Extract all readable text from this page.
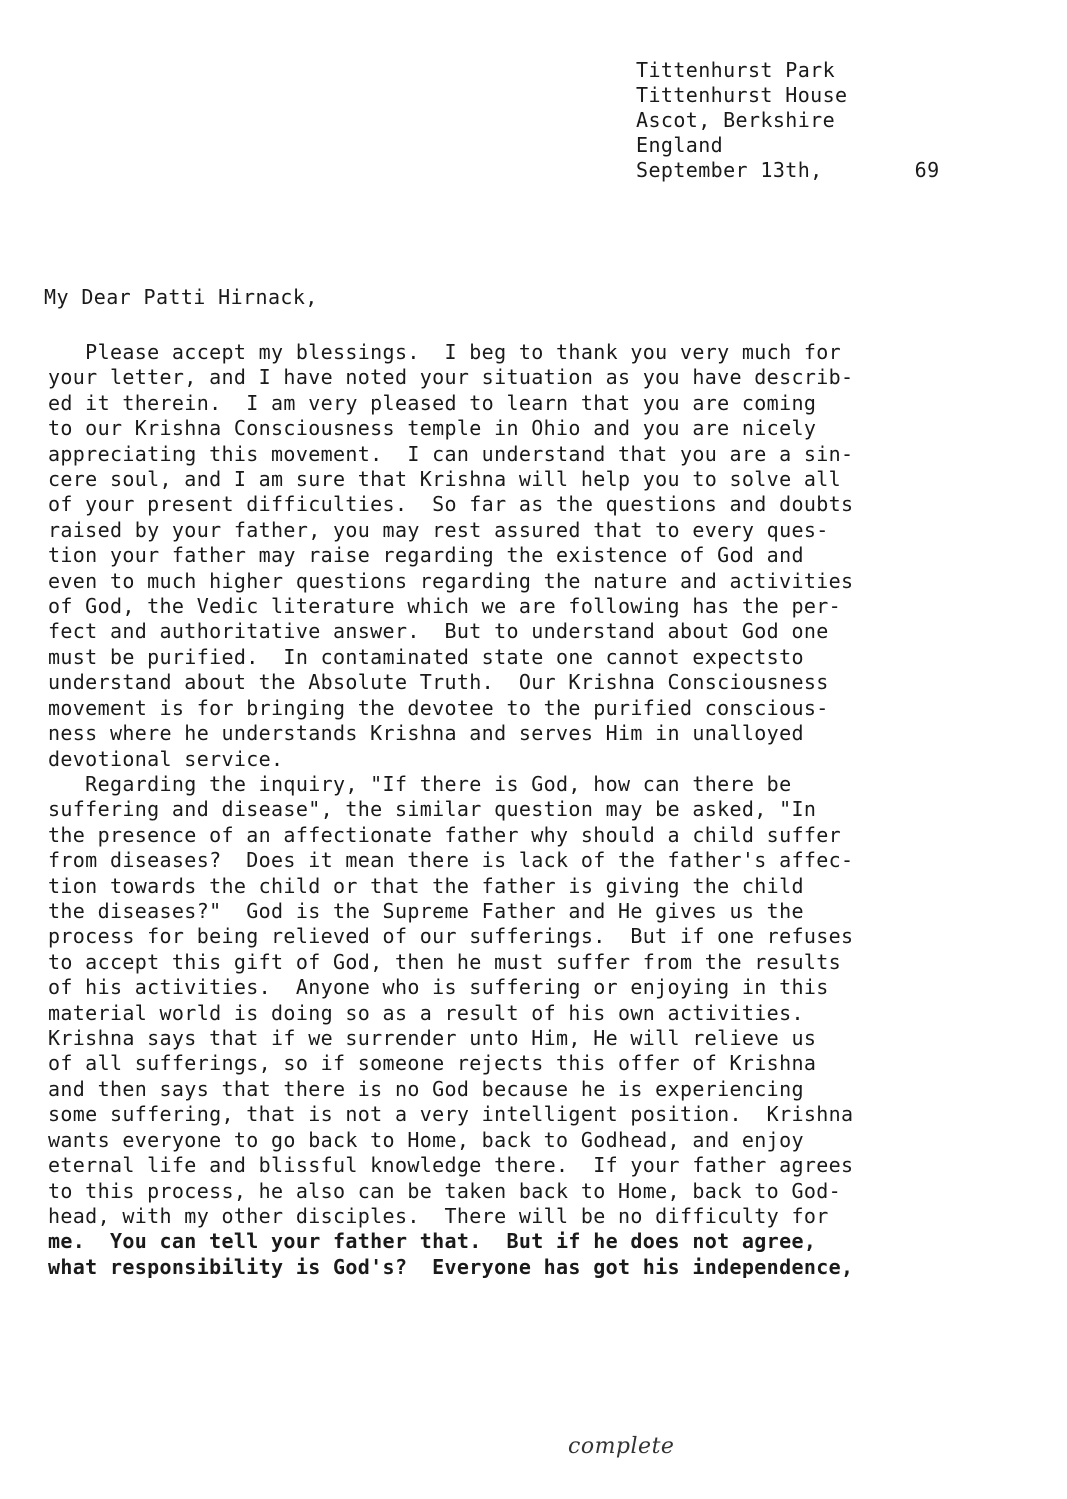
Tittenhurst Park
Tittenhurst House
Ascot, Berkshire
England
September 13th,	69
My Dear Patti Hirnack,
Please accept my blessings.  I beg to thank you very much for
your letter, and I have noted your situation as you have describ-
ed it therein.  I am very pleased to learn that you are coming
to our Krishna Consciousness temple in Ohio and you are nicely
appreciating this movement.  I can understand that you are a sin-
cere soul, and I am sure that Krishna will help you to solve all
of your present difficulties.  So far as the questions and doubts
raised by your father, you may rest assured that to every ques-
tion your father may raise regarding the existence of God and
even to much higher questions regarding the nature and activities
of God, the Vedic literature which we are following has the per-
fect and authoritative answer.  But to understand about God one
must be purified.  In contaminated state one cannot expectsto
understand about the Absolute Truth.  Our Krishna Consciousness
movement is for bringing the devotee to the purified conscious-
ness where he understands Krishna and serves Him in unalloyed
devotional service.
Regarding the inquiry, "If there is God, how can there be
suffering and disease", the similar question may be asked, "In
the presence of an affectionate father why should a child suffer
from diseases?  Does it mean there is lack of the father's affec-
tion towards the child or that the father is giving the child
the diseases?"  God is the Supreme Father and He gives us the
process for being relieved of our sufferings.  But if one refuses
to accept this gift of God, then he must suffer from the results
of his activities.  Anyone who is suffering or enjoying in this
material world is doing so as a result of his own activities.
Krishna says that if we surrender unto Him, He will relieve us
of all sufferings, so if someone rejects this offer of Krishna
and then says that there is no God because he is experiencing
some suffering, that is not a very intelligent position.  Krishna
wants everyone to go back to Home, back to Godhead, and enjoy
eternal life and blissful knowledge there.  If your father agrees
to this process, he also can be taken back to Home, back to God-
head, with my other disciples.  There will be no difficulty for
me.  You can tell your father that.  But if he does not agree,
what responsibility is God's?  Everyone has got his independence,
complete
